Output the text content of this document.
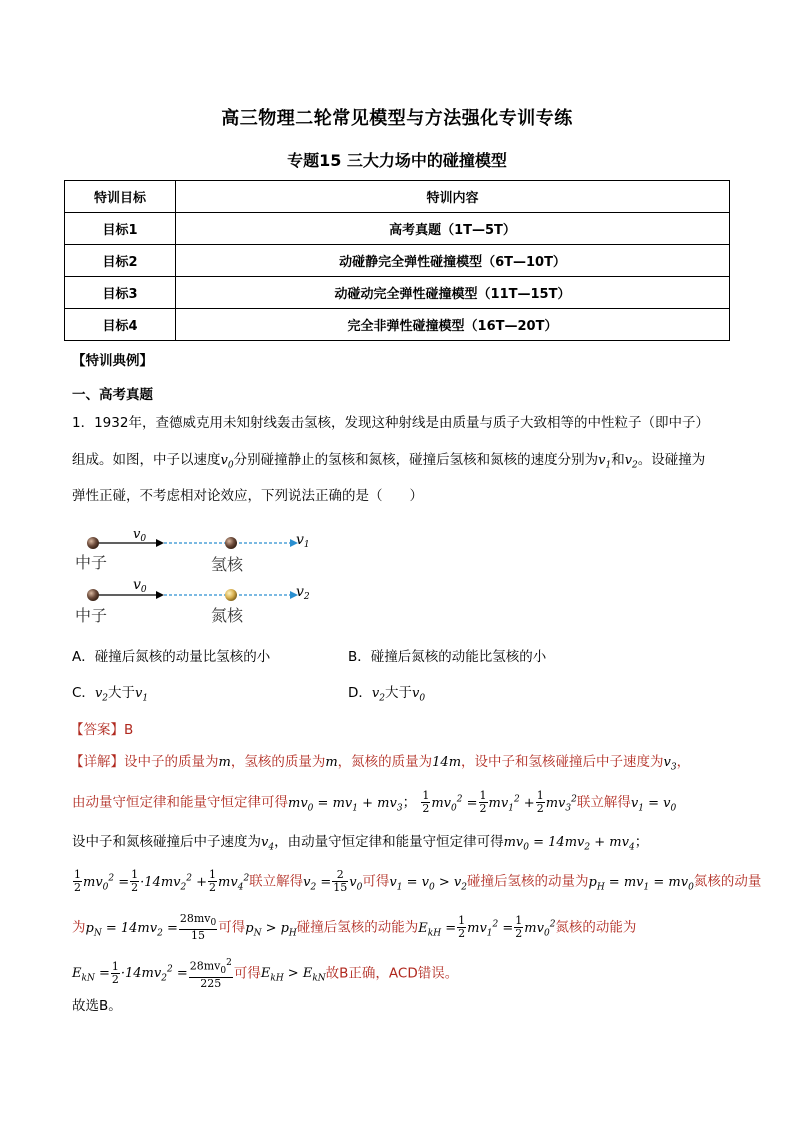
高三物理二轮常见模型与方法强化专训专练
专题15 三大力场中的碰撞模型
特训目标	特训内容
目标1	高考真题（1T—5T）
目标2	动碰静完全弹性碰撞模型（6T—10T）
目标3	动碰动完全弹性碰撞模型（11T—15T）
目标4	完全非弹性碰撞模型（16T—20T）
【特训典例】
一、高考真题
1．1932年，查德威克用未知射线轰击氢核，发现这种射线是由质量与质子大致相等的中性粒子（即中子）
组成。如图，中子以速度$v_0$分别碰撞静止的氢核和氮核，碰撞后氢核和氮核的速度分别为$v_1$和$v_2$。设碰撞为
弹性正碰，不考虑相对论效应，下列说法正确的是（　　）
$v_0$	$v_1$
中子	氢核
$v_0$	$v_2$
中子	氮核
A．碰撞后氮核的动量比氢核的小	B．碰撞后氮核的动能比氢核的小
C．$v_2$大于$v_1$	D．$v_2$大于$v_0$
【答案】B
【详解】设中子的质量为m，氢核的质量为m，氮核的质量为14m，设中子和氢核碰撞后中子速度为$v_3$，
由动量守恒定律和能量守恒定律可得$mv_0 = mv_1 + mv_3$； $\frac{1}{2} mv_0^2 = \frac{1}{2} mv_1^2 + \frac{1}{2} mv_3^2$联立解得$v_1 = v_0$
设中子和氮核碰撞后中子速度为$v_4$，由动量守恒定律和能量守恒定律可得$mv_0 = 14mv_2 + mv_4$；
$\frac{1}{2} mv_0^2 = \frac{1}{2} \cdot 14mv_2^2 + \frac{1}{2} mv_4^2$联立解得$v_2 = \frac{2}{15} v_0$可得$v_1 = v_0 > v_2$碰撞后氢核的动量为$p_H = mv_1 = mv_0$氮核的动量
为$p_N = 14mv_2 = \frac{28mv_0}{15}$ 可得$p_N > p_H$碰撞后氢核的动能为$E_{kH} = \frac{1}{2} mv_1^2 = \frac{1}{2} mv_0^2$氮核的动能为
$E_{kN} = \frac{1}{2} \cdot 14mv_2^2 = \frac{28mv_0^2}{225}$ 可得$E_{kH} > E_{kN}$故B正确，ACD错误。
故选B。
